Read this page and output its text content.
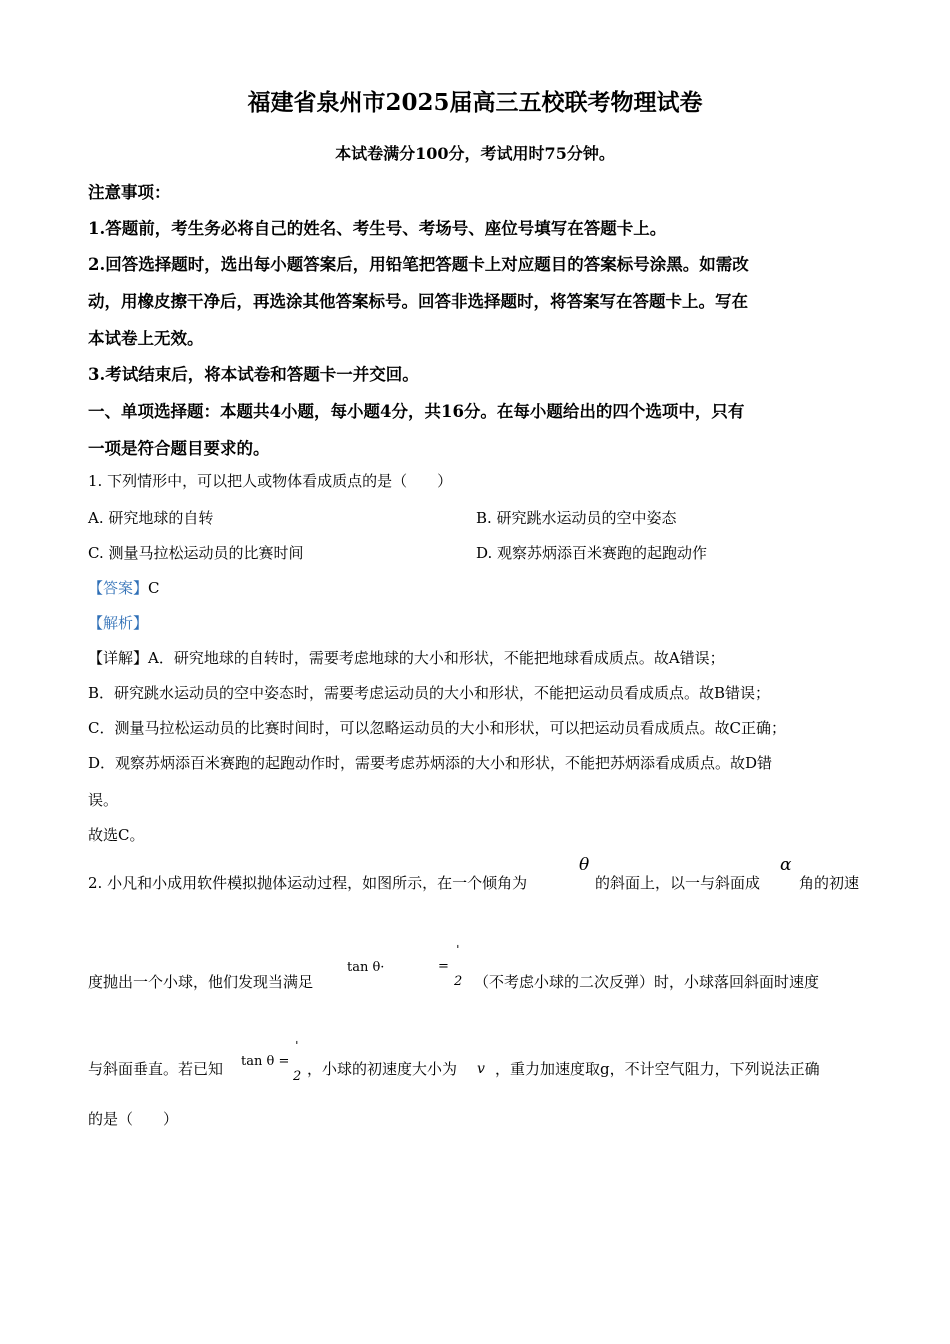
福建省泉州市2025届高三五校联考物理试卷
本试卷满分100分，考试用时75分钟。
注意事项：
1.答题前，考生务必将自己的姓名、考生号、考场号、座位号填写在答题卡上。
2.回答选择题时，选出每小题答案后，用铅笔把答题卡上对应题目的答案标号涂黑。如需改
动，用橡皮擦干净后，再选涂其他答案标号。回答非选择题时，将答案写在答题卡上。写在
本试卷上无效。
3.考试结束后，将本试卷和答题卡一并交回。
一、单项选择题：本题共4小题，每小题4分，共16分。在每小题给出的四个选项中，只有
一项是符合题目要求的。
1. 下列情形中，可以把人或物体看成质点的是（　　）
A. 研究地球的自转	B. 研究跳水运动员的空中姿态
C. 测量马拉松运动员的比赛时间	D. 观察苏炳添百米赛跑的起跑动作
【答案】C
【解析】
【详解】A．研究地球的自转时，需要考虑地球的大小和形状，不能把地球看成质点。故A错误；
B．研究跳水运动员的空中姿态时，需要考虑运动员的大小和形状，不能把运动员看成质点。故B错误；
C．测量马拉松运动员的比赛时间时，可以忽略运动员的大小和形状，可以把运动员看成质点。故C正确；
D．观察苏炳添百米赛跑的起跑动作时，需要考虑苏炳添的大小和形状，不能把苏炳添看成质点。故D错
误。
故选C。
2. 小凡和小成用软件模拟抛体运动过程，如图所示，在一个倾角为
θ
的斜面上，以一与斜面成
α
角的初速
度抛出一个小球，他们发现当满足
tan θ·	=
ˈ
2 （不考虑小球的二次反弹）时，小球落回斜面时速度
与斜面垂直。若已知 tan θ =
ˈ
2 ，小球的初速度大小为 v ，重力加速度取g，不计空气阻力，下列说法正确
的是（　　）
